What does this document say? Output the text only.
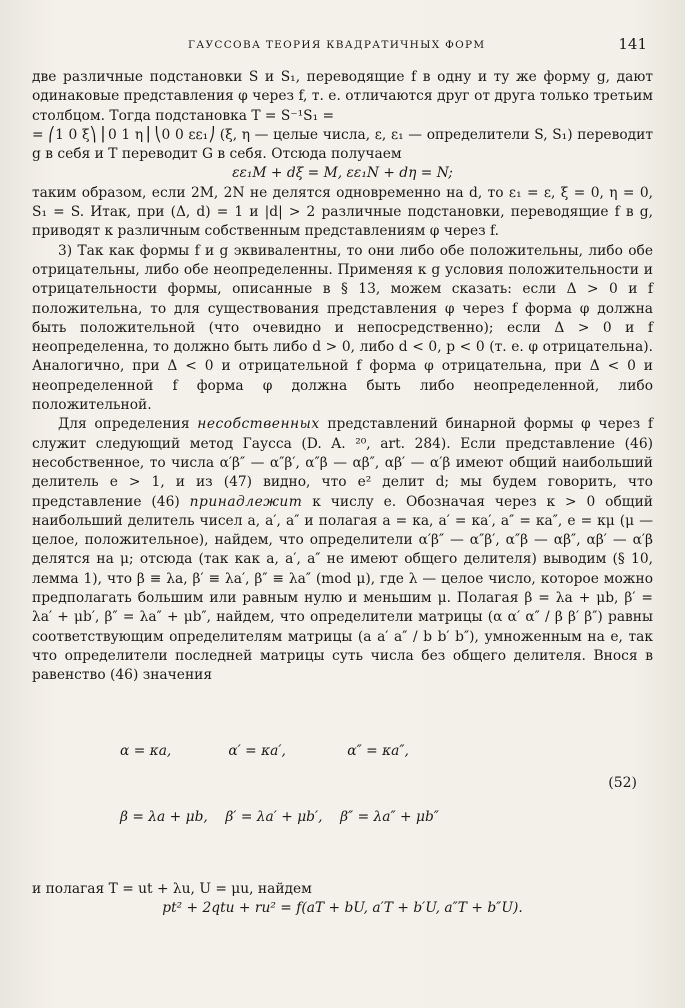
ГАУССОВА ТЕОРИЯ КВАДРАТИЧНЫХ ФОРМ	141

две различные подстановки S и S₁, переводящие f в одну и ту же форму g, дают одинаковые представления φ через f, т. е. отличаются друг от друга только третьим столбцом. Тогда подстановка T = S⁻¹S₁ =

= ⎛1 0 ξ⎞ ⎜0 1 η⎟ ⎝0 0 εε₁⎠ (ξ, η — целые числа, ε, ε₁ — определители S, S₁) переводит g в себя и T переводит G в себя. Отсюда получаем

εε₁M + dξ = M, εε₁N + dη = N;

таким образом, если 2M, 2N не делятся одновременно на d, то ε₁ = ε, ξ = 0, η = 0, S₁ = S. Итак, при (Δ, d) = 1 и |d| > 2 различные подстановки, переводящие f в g, приводят к различным собственным представлениям φ через f.

3) Так как формы f и g эквивалентны, то они либо обе положительны, либо обе отрицательны, либо обе неопределенны. Применяя к g условия положительности и отрицательности формы, описанные в § 13, можем сказать: если Δ > 0 и f положительна, то для существования представления φ через f форма φ должна быть положительной (что очевидно и непосредственно); если Δ > 0 и f неопределенна, то должно быть либо d > 0, либо d < 0, p < 0 (т. е. φ отрицательна). Аналогично, при Δ < 0 и отрицательной f форма φ отрицательна, при Δ < 0 и неопределенной f форма φ должна быть либо неопределенной, либо положительной.

Для определения несобственных представлений бинарной формы φ через f служит следующий метод Гаусса (D. A. ²⁰, art. 284). Если представление (46) несобственное, то числа α′β″ — α″β′, α″β — αβ″, αβ′ — α′β имеют общий наибольший делитель e > 1, и из (47) видно, что e² делит d; мы будем говорить, что представление (46) принадлежит к числу e. Обозначая через κ > 0 общий наибольший делитель чисел a, a′, a″ и полагая a = κa, a′ = κa′, a″ = κa″, e = κμ (μ — целое, положительное), найдем, что определители α′β″ — α″β′, α″β — αβ″, αβ′ — α′β делятся на μ; отсюда (так как a, a′, a″ не имеют общего делителя) выводим (§ 10, лемма 1), что β ≡ λa, β′ ≡ λa′, β″ ≡ λa″ (mod μ), где λ — целое число, которое можно предполагать большим или равным нулю и меньшим μ. Полагая β = λa + μb, β′ = λa′ + μb′, β″ = λa″ + μb″, найдем, что определители матрицы (α α′ α″ / β β′ β″) равны соответствующим определителям матрицы (a a′ a″ / b b′ b″), умноженным на e, так что определители последней матрицы суть числа без общего делителя. Внося в равенство (46) значения

α = κa,             α′ = κa′,              α″ = κa″,

β = λa + μb,    β′ = λa′ + μb′,    β″ = λa″ + μb″

(52)

и полагая T = ut + λu, U = μu, найдем

pt² + 2qtu + ru² = f(aT + bU, a′T + b′U, a″T + b″U).
